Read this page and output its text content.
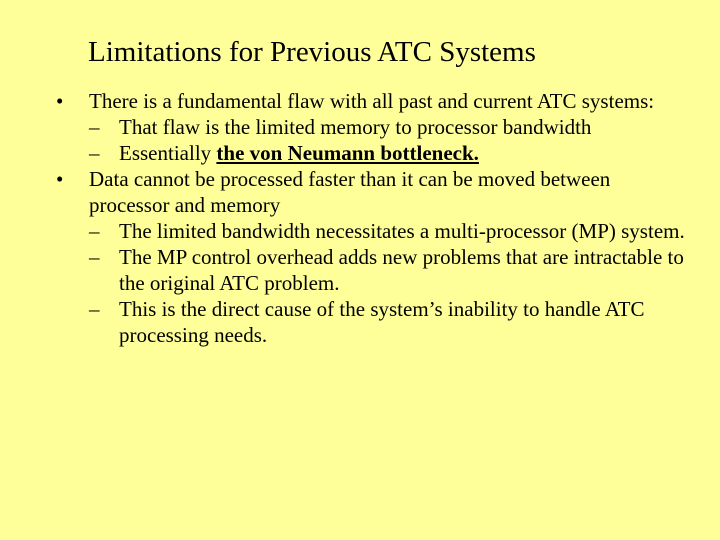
Limitations for Previous ATC Systems
• There is a fundamental flaw with all past and current ATC systems:
– That flaw is the limited memory to processor bandwidth
– Essentially the von Neumann bottleneck.
• Data cannot be processed faster than it can be moved between processor and memory
– The limited bandwidth necessitates a multi-processor (MP) system.
– The MP control overhead adds new problems that are intractable to the original ATC problem.
– This is the direct cause of the system’s inability to handle ATC processing needs.
